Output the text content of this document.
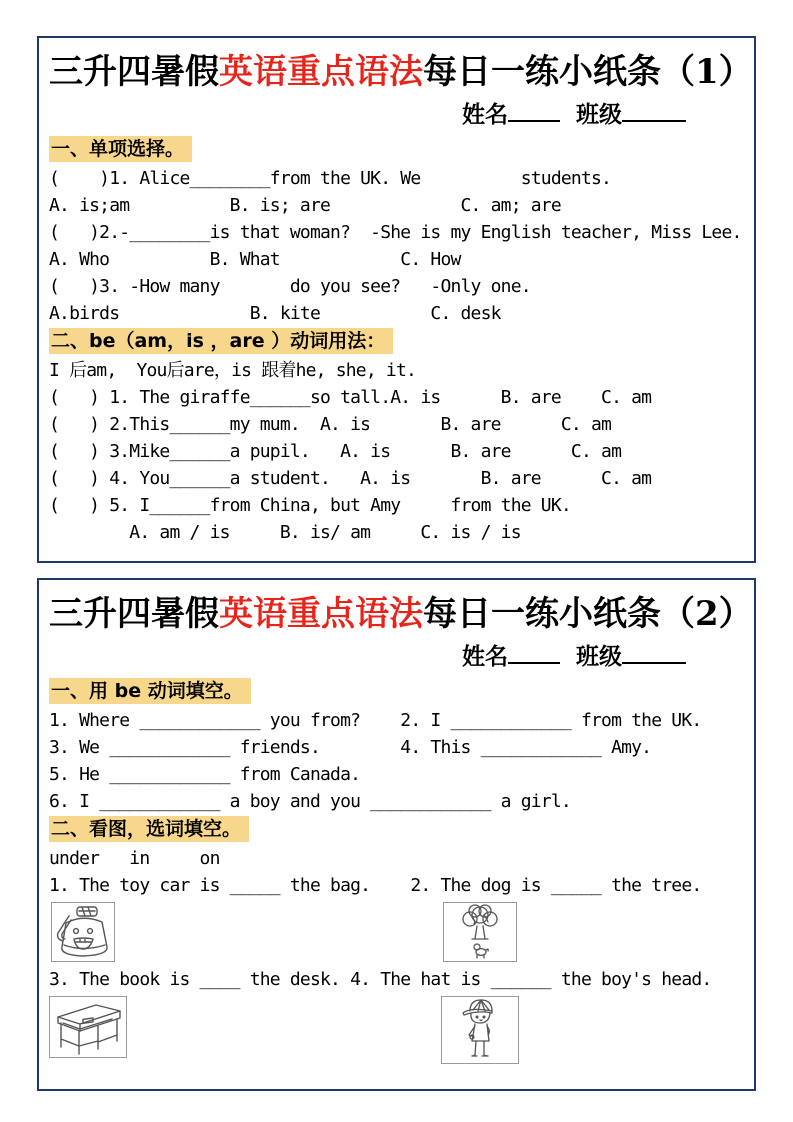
三升四暑假英语重点语法每日一练小纸条（1）
姓名	班级
一、单项选择。
(    )1. Alice________from the UK. We          students.
A. is;am          B. is; are             C. am; are
(   )2.-________is that woman?  -She is my English teacher, Miss Lee.
A. Who          B. What            C. How
(   )3. -How many       do you see?   -Only one.
A.birds             B. kite           C. desk
二、be（am，is ，are ）动词用法：
I 后am,  You后are，is 跟着he, she, it.
(   ) 1. The giraffe______so tall.A. is      B. are    C. am
(   ) 2.This______my mum.  A. is       B. are      C. am
(   ) 3.Mike______a pupil.   A. is      B. are      C. am
(   ) 4. You______a student.   A. is       B. are      C. am
(   ) 5. I______from China, but Amy     from the UK.
A. am / is     B. is/ am     C. is / is
三升四暑假英语重点语法每日一练小纸条（2）
姓名	班级
一、用 be 动词填空。
1. Where ____________ you from?    2. I ____________ from the UK.
3. We ____________ friends.        4. This ____________ Amy.
5. He ____________ from Canada.
6. I ____________ a boy and you ____________ a girl.
二、看图，选词填空。
under   in     on
1. The toy car is _____ the bag.    2. The dog is _____ the tree.
3. The book is ____ the desk. 4. The hat is ______ the boy's head.
